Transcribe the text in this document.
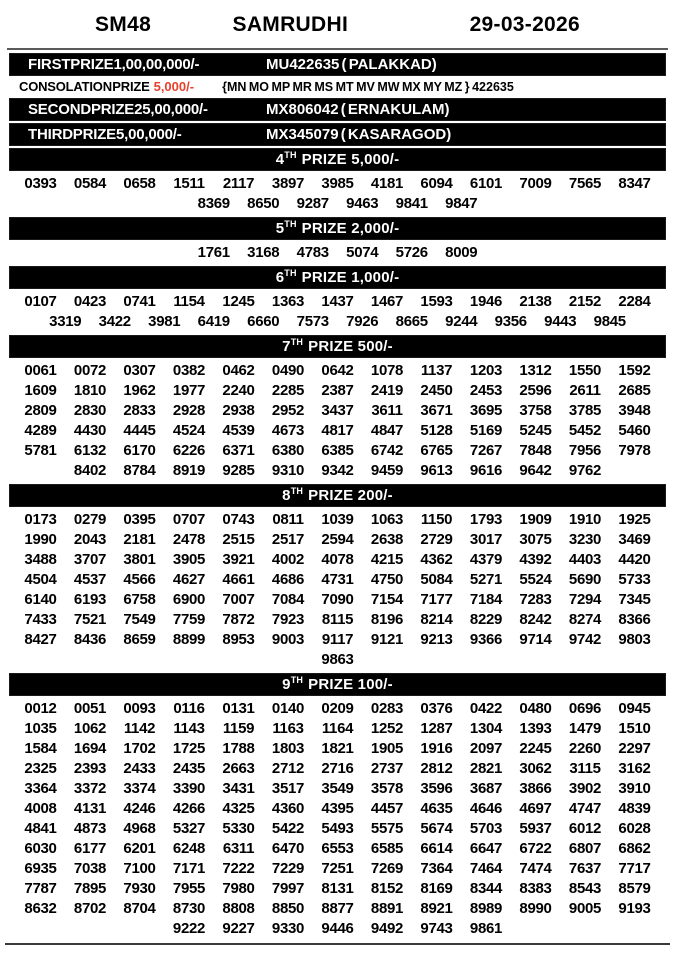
SM48	SAMRUDHI	29-03-2026
FIRST PRIZE 1,00,00,000/-	MU422635 ( PALAKKAD)
CONSOLATION PRIZE 5,000/- {MN MO MP MR MS MT MV MW MX MY MZ } 422635
SECOND PRIZE 25,00,000/-	MX806042 ( ERNAKULAM)
THIRD PRIZE 5,00,000/-	MX345079 ( KASARAGOD)
4TH PRIZE 5,000/-
0393	0584	0658	1511	2117	3897	3985	4181	6094	6101	7009	7565	8347
8369	8650	9287	9463	9841	9847
5TH PRIZE 2,000/-
1761	3168	4783	5074	5726	8009
6TH PRIZE 1,000/-
0107	0423	0741	1154	1245	1363	1437	1467	1593	1946	2138	2152	2284
3319	3422	3981	6419	6660	7573	7926	8665	9244	9356	9443	9845
7TH PRIZE 500/-
0061	0072	0307	0382	0462	0490	0642	1078	1137	1203	1312	1550	1592
1609	1810	1962	1977	2240	2285	2387	2419	2450	2453	2596	2611	2685
2809	2830	2833	2928	2938	2952	3437	3611	3671	3695	3758	3785	3948
4289	4430	4445	4524	4539	4673	4817	4847	5128	5169	5245	5452	5460
5781	6132	6170	6226	6371	6380	6385	6742	6765	7267	7848	7956	7978
8402	8784	8919	9285	9310	9342	9459	9613	9616	9642	9762
8TH PRIZE 200/-
0173	0279	0395	0707	0743	0811	1039	1063	1150	1793	1909	1910	1925
1990	2043	2181	2478	2515	2517	2594	2638	2729	3017	3075	3230	3469
3488	3707	3801	3905	3921	4002	4078	4215	4362	4379	4392	4403	4420
4504	4537	4566	4627	4661	4686	4731	4750	5084	5271	5524	5690	5733
6140	6193	6758	6900	7007	7084	7090	7154	7177	7184	7283	7294	7345
7433	7521	7549	7759	7872	7923	8115	8196	8214	8229	8242	8274	8366
8427	8436	8659	8899	8953	9003	9117	9121	9213	9366	9714	9742	9803
9863
9TH PRIZE 100/-
0012	0051	0093	0116	0131	0140	0209	0283	0376	0422	0480	0696	0945
1035	1062	1142	1143	1159	1163	1164	1252	1287	1304	1393	1479	1510
1584	1694	1702	1725	1788	1803	1821	1905	1916	2097	2245	2260	2297
2325	2393	2433	2435	2663	2712	2716	2737	2812	2821	3062	3115	3162
3364	3372	3374	3390	3431	3517	3549	3578	3596	3687	3866	3902	3910
4008	4131	4246	4266	4325	4360	4395	4457	4635	4646	4697	4747	4839
4841	4873	4968	5327	5330	5422	5493	5575	5674	5703	5937	6012	6028
6030	6177	6201	6248	6311	6470	6553	6585	6614	6647	6722	6807	6862
6935	7038	7100	7171	7222	7229	7251	7269	7364	7464	7474	7637	7717
7787	7895	7930	7955	7980	7997	8131	8152	8169	8344	8383	8543	8579
8632	8702	8704	8730	8808	8850	8877	8891	8921	8989	8990	9005	9193
9222	9227	9330	9446	9492	9743	9861
